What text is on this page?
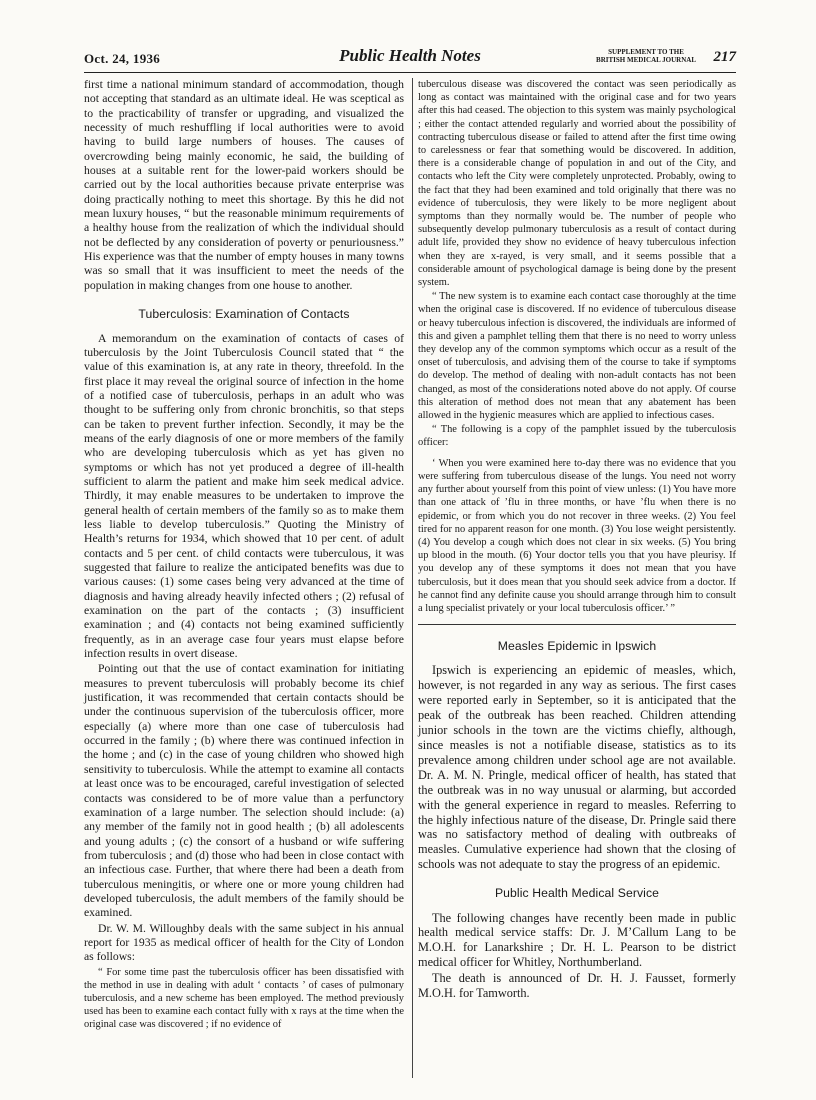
Oct. 24, 1936	Public Health Notes	SUPPLEMENT TO THE
BRITISH MEDICAL JOURNAL 217

first time a national minimum standard of accommodation, though not accepting that standard as an ultimate ideal. He was sceptical as to the practicability of transfer or upgrading, and visualized the necessity of much reshuffling if local authorities were to avoid having to build large numbers of houses. The causes of overcrowding being mainly economic, he said, the building of houses at a suitable rent for the lower-paid workers should be carried out by the local authorities because private enterprise was doing practically nothing to meet this shortage. By this he did not mean luxury houses, “ but the reasonable minimum requirements of a healthy house from the realization of which the individual should not be deflected by any consideration of poverty or penuriousness.” His experience was that the number of empty houses in many towns was so small that it was insufficient to meet the needs of the population in making changes from one house to another.

Tuberculosis: Examination of Contacts

A memorandum on the examination of contacts of cases of tuberculosis by the Joint Tuberculosis Council stated that “ the value of this examination is, at any rate in theory, threefold. In the first place it may reveal the original source of infection in the home of a notified case of tuberculosis, perhaps in an adult who was thought to be suffering only from chronic bronchitis, so that steps can be taken to prevent further infection. Secondly, it may be the means of the early diagnosis of one or more members of the family who are developing tuberculosis which as yet has given no symptoms or which has not yet produced a degree of ill-health sufficient to alarm the patient and make him seek medical advice. Thirdly, it may enable measures to be undertaken to improve the general health of certain members of the family so as to make them less liable to develop tuberculosis.” Quoting the Ministry of Health’s returns for 1934, which showed that 10 per cent. of adult contacts and 5 per cent. of child contacts were tuberculous, it was suggested that failure to realize the anticipated benefits was due to various causes: (1) some cases being very advanced at the time of diagnosis and having already heavily infected others ; (2) refusal of examination on the part of the contacts ; (3) insufficient examination ; and (4) contacts not being examined sufficiently frequently, as in an average case four years must elapse before infection results in overt disease.

Pointing out that the use of contact examination for initiating measures to prevent tuberculosis will probably become its chief justification, it was recommended that certain contacts should be under the continuous supervision of the tuberculosis officer, more especially (a) where more than one case of tuberculosis had occurred in the family ; (b) where there was continued infection in the home ; and (c) in the case of young children who showed high sensitivity to tuberculosis. While the attempt to examine all contacts at least once was to be encouraged, careful investigation of selected contacts was considered to be of more value than a perfunctory examination of a large number. The selection should include: (a) any member of the family not in good health ; (b) all adolescents and young adults ; (c) the consort of a husband or wife suffering from tuberculosis ; and (d) those who had been in close contact with an infectious case. Further, that where there had been a death from tuberculous meningitis, or where one or more young children had developed tuberculosis, the adult members of the family should be examined.

Dr. W. M. Willoughby deals with the same subject in his annual report for 1935 as medical officer of health for the City of London as follows:

“ For some time past the tuberculosis officer has been dissatisfied with the method in use in dealing with adult ‘ contacts ’ of cases of pulmonary tuberculosis, and a new scheme has been employed. The method previously used has been to examine each contact fully with x rays at the time when the original case was discovered ; if no evidence of

tuberculous disease was discovered the contact was seen periodically as long as contact was maintained with the original case and for two years after this had ceased. The objection to this system was mainly psychological ; either the contact attended regularly and worried about the possibility of contracting tuberculous disease or failed to attend after the first time owing to carelessness or fear that something would be discovered. In addition, there is a considerable change of population in and out of the City, and contacts who left the City were completely unprotected. Probably, owing to the fact that they had been examined and told originally that there was no evidence of tuberculosis, they were likely to be more negligent about symptoms than they normally would be. The number of people who subsequently develop pulmonary tuberculosis as a result of contact during adult life, provided they show no evidence of heavy tuberculous infection when they are x-rayed, is very small, and it seems possible that a considerable amount of psychological damage is being done by the present system.

“ The new system is to examine each contact case thoroughly at the time when the original case is discovered. If no evidence of tuberculous disease or heavy tuberculous infection is discovered, the individuals are informed of this and given a pamphlet telling them that there is no need to worry unless they develop any of the common symptoms which occur as a result of the onset of tuberculosis, and advising them of the course to take if symptoms do develop. The method of dealing with non-adult contacts has not been changed, as most of the considerations noted above do not apply. Of course this alteration of method does not mean that any abatement has been allowed in the hygienic measures which are applied to infectious cases.

“ The following is a copy of the pamphlet issued by the tuberculosis officer:

‘ When you were examined here to-day there was no evidence that you were suffering from tuberculous disease of the lungs. You need not worry any further about yourself from this point of view unless: (1) You have more than one attack of ’flu in three months, or have ’flu when there is no epidemic, or from which you do not recover in three weeks. (2) You feel tired for no apparent reason for one month. (3) You lose weight persistently. (4) You develop a cough which does not clear in six weeks. (5) You bring up blood in the mouth. (6) Your doctor tells you that you have pleurisy. If you develop any of these symptoms it does not mean that you have tuberculosis, but it does mean that you should seek advice from a doctor. If he cannot find any definite cause you should arrange through him to consult a lung specialist privately or your local tuberculosis officer.’ ”

Measles Epidemic in Ipswich

Ipswich is experiencing an epidemic of measles, which, however, is not regarded in any way as serious. The first cases were reported early in September, so it is anticipated that the peak of the outbreak has been reached. Children attending junior schools in the town are the victims chiefly, although, since measles is not a notifiable disease, statistics as to its prevalence among children under school age are not available. Dr. A. M. N. Pringle, medical officer of health, has stated that the outbreak was in no way unusual or alarming, but accorded with the general experience in regard to measles. Referring to the highly infectious nature of the disease, Dr. Pringle said there was no satisfactory method of dealing with outbreaks of measles. Cumulative experience had shown that the closing of schools was not adequate to stay the progress of an epidemic.

Public Health Medical Service

The following changes have recently been made in public health medical service staffs: Dr. J. M’Callum Lang to be M.O.H. for Lanarkshire ; Dr. H. L. Pearson to be district medical officer for Whitley, Northumberland.

The death is announced of Dr. H. J. Fausset, formerly M.O.H. for Tamworth.
